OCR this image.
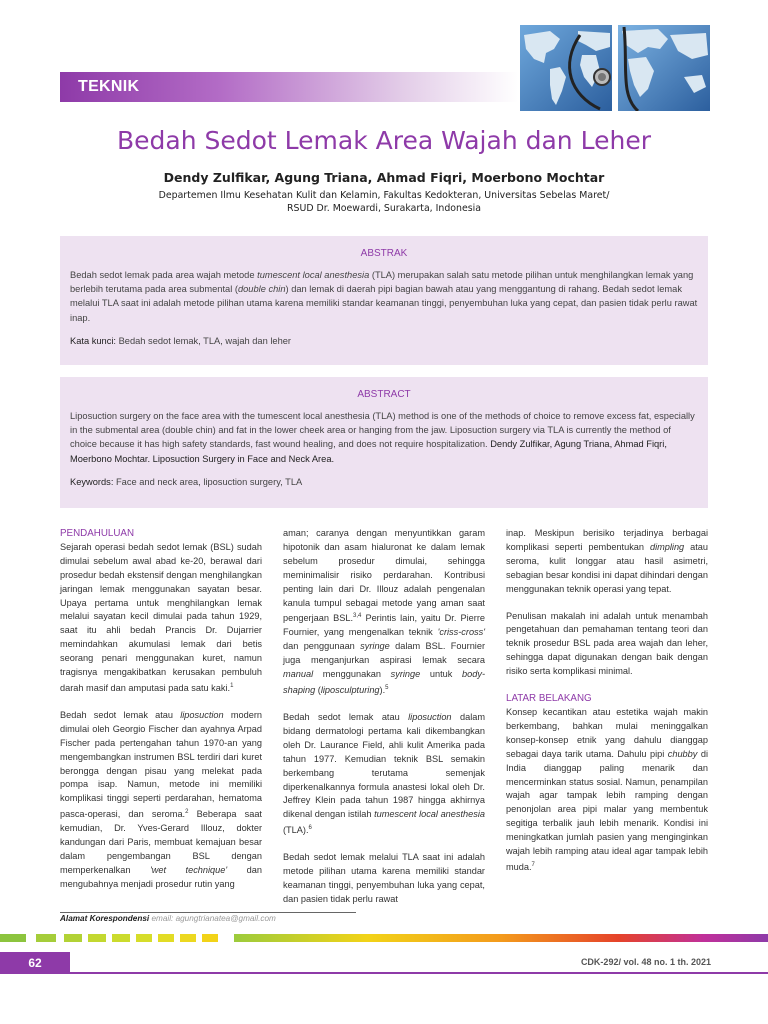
TEKNIK
Bedah Sedot Lemak Area Wajah dan Leher
Dendy Zulfikar, Agung Triana, Ahmad Fiqri, Moerbono Mochtar
Departemen Ilmu Kesehatan Kulit dan Kelamin, Fakultas Kedokteran, Universitas Sebelas Maret/
RSUD Dr. Moewardi, Surakarta, Indonesia
ABSTRAK
Bedah sedot lemak pada area wajah metode tumescent local anesthesia (TLA) merupakan salah satu metode pilihan untuk menghilangkan lemak yang berlebih terutama pada area submental (double chin) dan lemak di daerah pipi bagian bawah atau yang menggantung di rahang. Bedah sedot lemak melalui TLA saat ini adalah metode pilihan utama karena memiliki standar keamanan tinggi, penyembuhan luka yang cepat, dan pasien tidak perlu rawat inap.
Kata kunci: Bedah sedot lemak, TLA, wajah dan leher
ABSTRACT
Liposuction surgery on the face area with the tumescent local anesthesia (TLA) method is one of the methods of choice to remove excess fat, especially in the submental area (double chin) and fat in the lower cheek area or hanging from the jaw. Liposuction surgery via TLA is currently the method of choice because it has high safety standards, fast wound healing, and does not require hospitalization. Dendy Zulfikar, Agung Triana, Ahmad Fiqri, Moerbono Mochtar. Liposuction Surgery in Face and Neck Area.
Keywords: Face and neck area, liposuction surgery, TLA
PENDAHULUAN
Sejarah operasi bedah sedot lemak (BSL) sudah dimulai sebelum awal abad ke-20, berawal dari prosedur bedah ekstensif dengan menghilangkan jaringan lemak menggunakan sayatan besar. Upaya pertama untuk menghilangkan lemak melalui sayatan kecil dimulai pada tahun 1929, saat itu ahli bedah Prancis Dr. Dujarrier memindahkan akumulasi lemak dari betis seorang penari menggunakan kuret, namun tragisnya mengakibatkan kerusakan pembuluh darah masif dan amputasi pada satu kaki.$^1$
Bedah sedot lemak atau liposuction modern dimulai oleh Georgio Fischer dan ayahnya Arpad Fischer pada pertengahan tahun 1970-an yang mengembangkan instrumen BSL terdiri dari kuret berongga dengan pisau yang melekat pada pompa isap. Namun, metode ini memiliki komplikasi tinggi seperti perdarahan, hematoma pasca-operasi, dan seroma.$^2$ Beberapa saat kemudian, Dr. Yves-Gerard Illouz, dokter kandungan dari Paris, membuat kemajuan besar dalam pengembangan BSL dengan memperkenalkan 'wet technique' dan mengubahnya menjadi prosedur rutin yang
aman; caranya dengan menyuntikkan garam hipotonik dan asam hialuronat ke dalam lemak sebelum prosedur dimulai, sehingga meminimalisir risiko perdarahan. Kontribusi penting lain dari Dr. Illouz adalah pengenalan kanula tumpul sebagai metode yang aman saat pengerjaan BSL.$^{3,4}$ Perintis lain, yaitu Dr. Pierre Fournier, yang mengenalkan teknik 'criss-cross' dan penggunaan syringe dalam BSL. Fournier juga menganjurkan aspirasi lemak secara manual menggunakan syringe untuk body-shaping (liposculpturing).$^5$
Bedah sedot lemak atau liposuction dalam bidang dermatologi pertama kali dikembangkan oleh Dr. Laurance Field, ahli kulit Amerika pada tahun 1977. Kemudian teknik BSL semakin berkembang terutama semenjak diperkenalkannya formula anastesi lokal oleh Dr. Jeffrey Klein pada tahun 1987 hingga akhirnya dikenal dengan istilah tumescent local anesthesia (TLA).$^6$
Bedah sedot lemak melalui TLA saat ini adalah metode pilihan utama karena memiliki standar keamanan tinggi, penyembuhan luka yang cepat, dan pasien tidak perlu rawat
inap. Meskipun berisiko terjadinya berbagai komplikasi seperti pembentukan dimpling atau seroma, kulit longgar atau hasil asimetri, sebagian besar kondisi ini dapat dihindari dengan menggunakan teknik operasi yang tepat.
Penulisan makalah ini adalah untuk menambah pengetahuan dan pemahaman tentang teori dan teknik prosedur BSL pada area wajah dan leher, sehingga dapat digunakan dengan baik dengan risiko serta komplikasi minimal.
LATAR BELAKANG
Konsep kecantikan atau estetika wajah makin berkembang, bahkan mulai meninggalkan konsep-konsep etnik yang dahulu dianggap sebagai daya tarik utama. Dahulu pipi chubby di India dianggap paling menarik dan mencerminkan status sosial. Namun, penampilan wajah agar tampak lebih ramping dengan penonjolan area pipi malar yang membentuk segitiga terbalik jauh lebih menarik. Kondisi ini meningkatkan jumlah pasien yang menginginkan wajah lebih ramping atau ideal agar tampak lebih muda.$^7$
Alamat Korespondensi email: agungtrianatea@gmail.com
62	CDK-292/ vol. 48 no. 1 th. 2021
